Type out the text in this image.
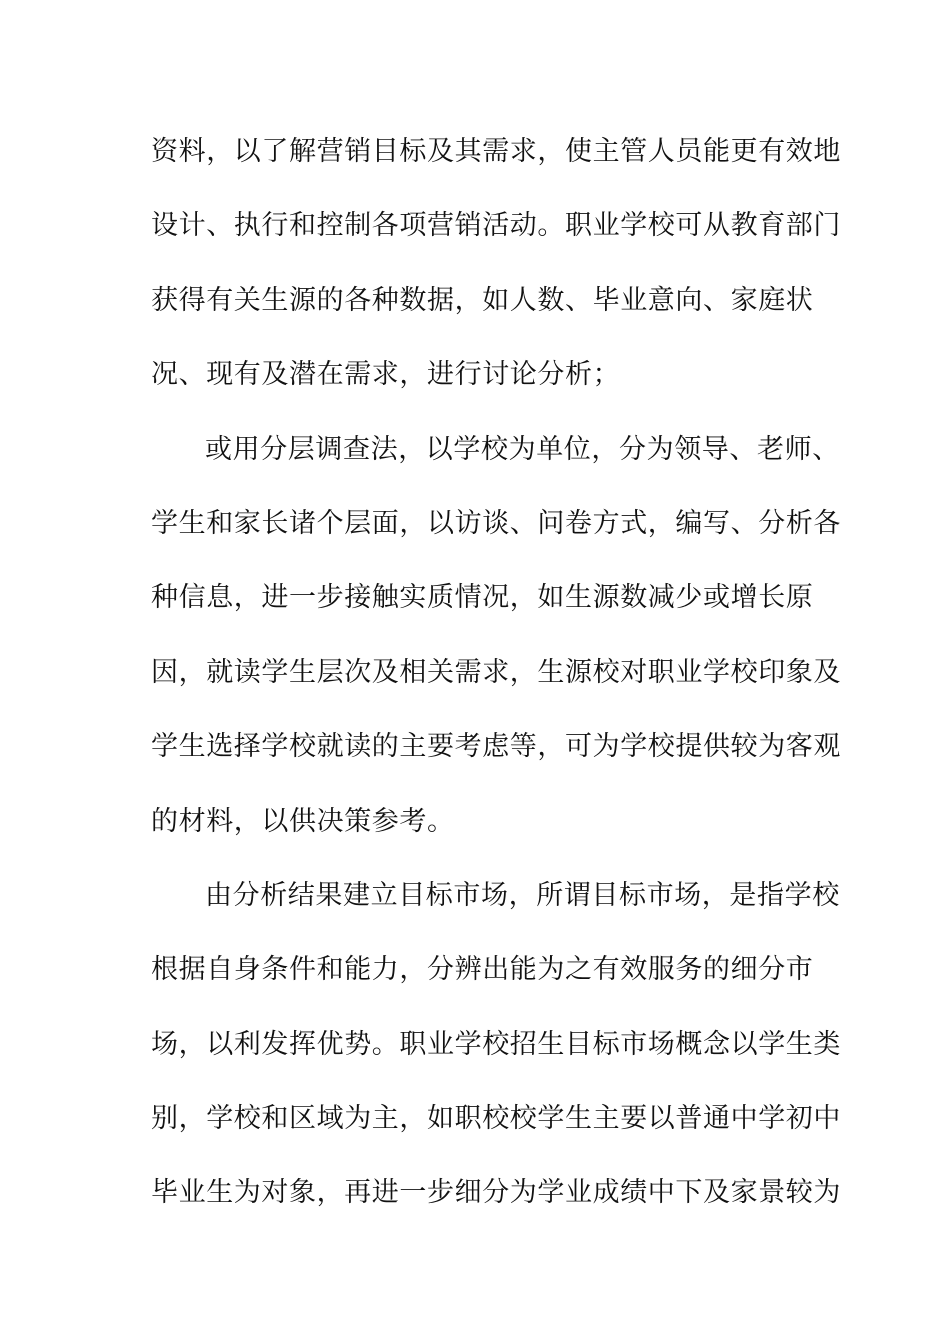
资料，以了解营销目标及其需求，使主管人员能更有效地
设计、执行和控制各项营销活动。职业学校可从教育部门
获得有关生源的各种数据，如人数、毕业意向、家庭状
况、现有及潜在需求，进行讨论分析；
或用分层调查法，以学校为单位，分为领导、老师、
学生和家长诸个层面，以访谈、问卷方式，编写、分析各
种信息，进一步接触实质情况，如生源数减少或增长原
因，就读学生层次及相关需求，生源校对职业学校印象及
学生选择学校就读的主要考虑等，可为学校提供较为客观
的材料，以供决策参考。
由分析结果建立目标市场，所谓目标市场，是指学校
根据自身条件和能力，分辨出能为之有效服务的细分市
场，以利发挥优势。职业学校招生目标市场概念以学生类
别，学校和区域为主，如职校校学生主要以普通中学初中
毕业生为对象，再进一步细分为学业成绩中下及家景较为
